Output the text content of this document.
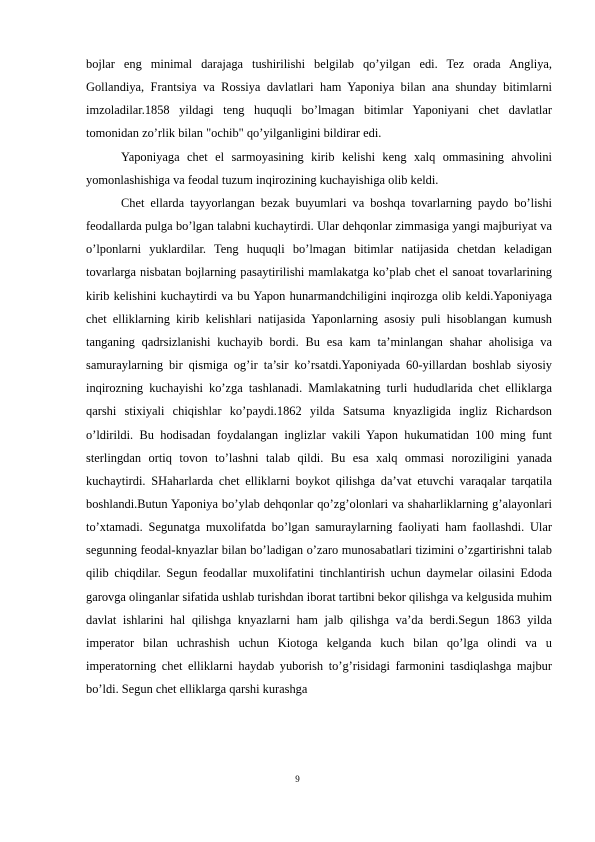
bojlar eng minimal darajaga tushirilishi belgilab qo’yilgan edi. Tez orada Angliya, Gollandiya, Frantsiya va Rossiya davlatlari ham Yaponiya bilan ana shunday bitimlarni imzoladilar.1858 yildagi teng huquqli bo’lmagan bitimlar Yaponiyani chet davlatlar tomonidan zo’rlik bilan "ochib" qo’yilganligini bildirar edi.

Yaponiyaga chet el sarmoyasining kirib kelishi keng xalq ommasining ahvolini yomonlashishiga va feodal tuzum inqirozining kuchayishiga olib keldi.

Chet ellarda tayyorlangan bezak buyumlari va boshqa tovarlarning paydo bo’lishi feodallarda pulga bo’lgan talabni kuchaytirdi. Ular dehqonlar zimmasiga yangi majburiyat va o’lponlarni yuklardilar. Teng huquqli bo’lmagan bitimlar natijasida chetdan keladigan tovarlarga nisbatan bojlarning pasaytirilishi mamlakatga ko’plab chet el sanoat tovarlarining kirib kelishini kuchaytirdi va bu Yapon hunarmandchiligini inqirozga olib keldi.Yaponiyaga chet elliklarning kirib kelishlari natijasida Yaponlarning asosiy puli hisoblangan kumush tanganing qadrsizlanishi kuchayib bordi. Bu esa kam ta’minlangan shahar aholisiga va samuraylarning bir qismiga og’ir ta’sir ko’rsatdi.Yaponiyada 60-yillardan boshlab siyosiy inqirozning kuchayishi ko’zga tashlanadi. Mamlakatning turli hududlarida chet elliklarga qarshi stixiyali chiqishlar ko’paydi.1862 yilda Satsuma knyazligida ingliz Richardson o’ldirildi. Bu hodisadan foydalangan inglizlar vakili Yapon hukumatidan 100 ming funt sterlingdan ortiq tovon to’lashni talab qildi. Bu esa xalq ommasi noroziligini yanada kuchaytirdi. SHaharlarda chet elliklarni boykot qilishga da’vat etuvchi varaqalar tarqatila boshlandi.Butun Yaponiya bo’ylab dehqonlar qo’zg’olonlari va shaharliklarning g’alayonlari to’xtamadi. Segunatga muxolifatda bo’lgan samuraylarning faoliyati ham faollashdi. Ular segunning feodal-knyazlar bilan bo’ladigan o’zaro munosabatlari tizimini o’zgartirishni talab qilib chiqdilar. Segun feodallar muxolifatini tinchlantirish uchun daymelar oilasini Edoda garovga olinganlar sifatida ushlab turishdan iborat tartibni bekor qilishga va kelgusida muhim davlat ishlarini hal qilishga knyazlarni ham jalb qilishga va’da berdi.Segun 1863 yilda imperator bilan uchrashish uchun Kiotoga kelganda kuch bilan qo’lga olindi va u imperatorning chet elliklarni haydab yuborish to’g’risidagi farmonini tasdiqlashga majbur bo’ldi. Segun chet elliklarga qarshi kurashga

9
